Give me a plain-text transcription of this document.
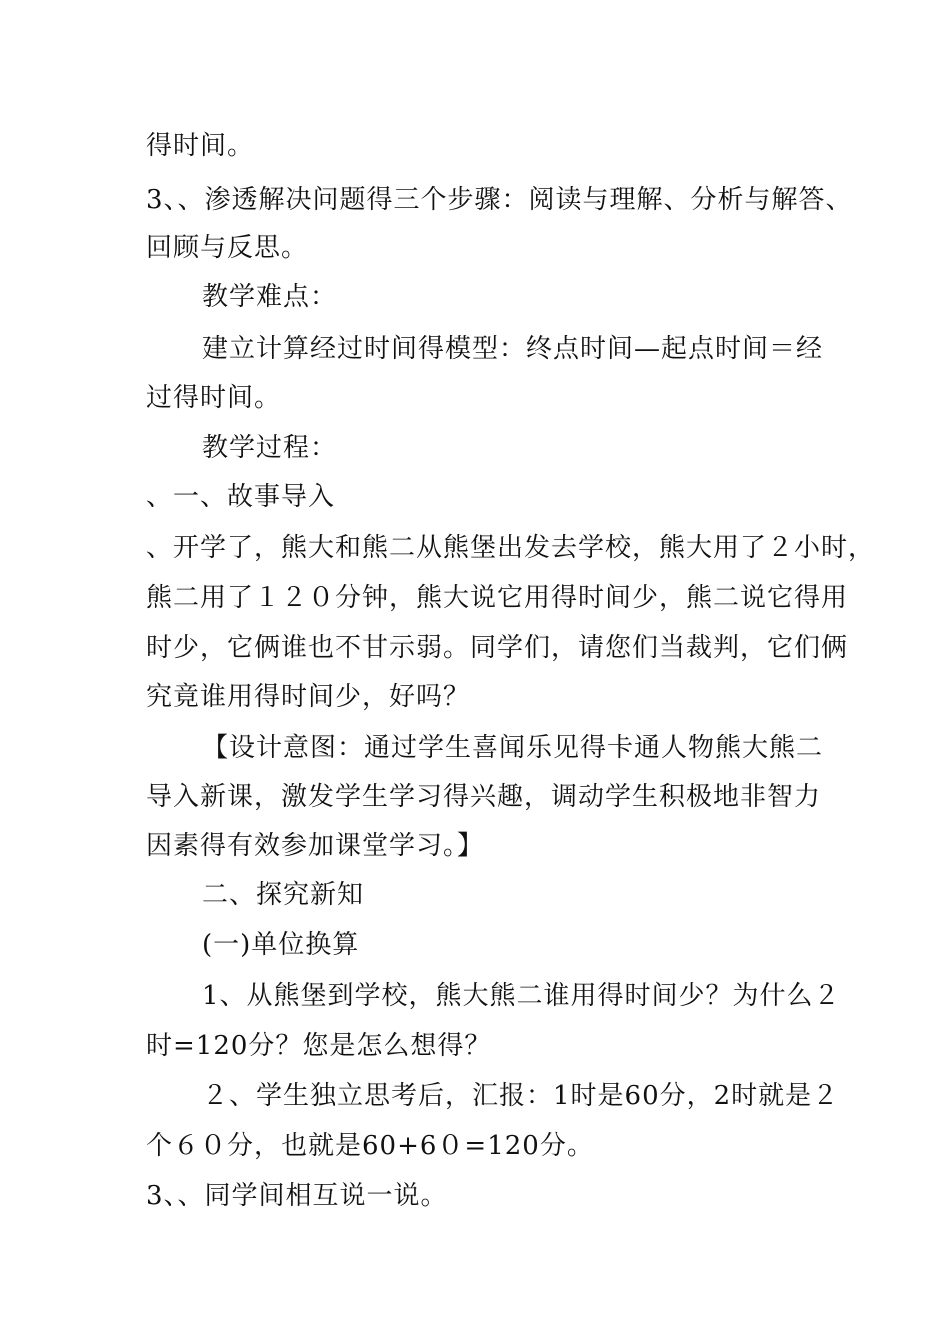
得时间。
3、、渗透解决问题得三个步骤：阅读与理解、分析与解答、
回顾与反思。
教学难点：
建立计算经过时间得模型：终点时间—起点时间＝经
过得时间。
教学过程：
、一、故事导入
、开学了，熊大和熊二从熊堡出发去学校，熊大用了２小时，
熊二用了１２０分钟，熊大说它用得时间少，熊二说它得用
时少，它俩谁也不甘示弱。同学们，请您们当裁判，它们俩
究竟谁用得时间少，好吗？
【设计意图：通过学生喜闻乐见得卡通人物熊大熊二
导入新课，激发学生学习得兴趣，调动学生积极地非智力
因素得有效参加课堂学习。】
二、探究新知
(一)单位换算
1、从熊堡到学校，熊大熊二谁用得时间少？为什么２
时=120分？您是怎么想得？
２、学生独立思考后，汇报：1时是60分，2时就是２
个６０分，也就是60+6０=120分。
3、、同学间相互说一说。
